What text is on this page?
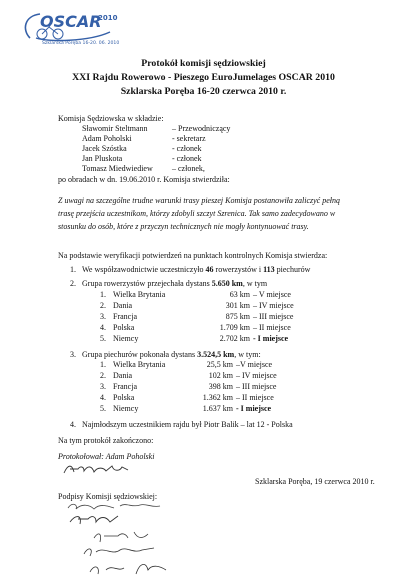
OSCAR
2010
Szklarska Poręba 16-20. 06. 2010
Protokół komisji sędziowskiej
XXI Rajdu Rowerowo - Pieszego EuroJumelages OSCAR 2010
Szklarska Poręba 16-20 czerwca 2010 r.
Komisja Sędziowska w składzie:
Sławomir Steltmann	– Przewodniczący
Adam Poholski	- sekretarz
Jacek Szóstka	- członek
Jan Pluskota	- członek
Tomasz Miedwiediew – członek,
po obradach w dn. 19.06.2010 r. Komisja stwierdziła:
Z uwagi na szczególne trudne warunki trasy pieszej Komisja postanowiła zaliczyć pełną
trasę przejścia uczestnikom, którzy zdobyli szczyt Szrenica. Tak samo zadecydowano w
stosunku do osób, które z przyczyn technicznych nie mogły kontynuować trasy.
Na podstawie weryfikacji potwierdzeń na punktach kontrolnych Komisja stwierdza:
1. We współzawodnictwie uczestniczyło 46 rowerzystów i 113 piechurów
2. Grupa rowerzystów przejechała dystans 5.650 km, w tym
1. Wielka Brytania	63 km – V miejsce
2. Dania	301 km – IV miejsce
3. Francja	875 km – III miejsce
4. Polska	1.709 km – II miejsce
5. Niemcy	2.702 km - I miejsce
3. Grupa piechurów pokonała dystans 3.524,5 km, w tym:
1. Wielka Brytania	25,5 km –V miejsce
2. Dania	102 km – IV miejsce
3. Francja	398 km – III miejsce
4. Polska	1.362 km – II miejsce
5. Niemcy	1.637 km - I miejsce
4. Najmłodszym uczestnikiem rajdu był Piotr Balik – lat 12 - Polska
Na tym protokół zakończono:
Protokołował: Adam Poholski
Szklarska Poręba, 19 czerwca 2010 r.
Podpisy Komisji sędziowskiej:
